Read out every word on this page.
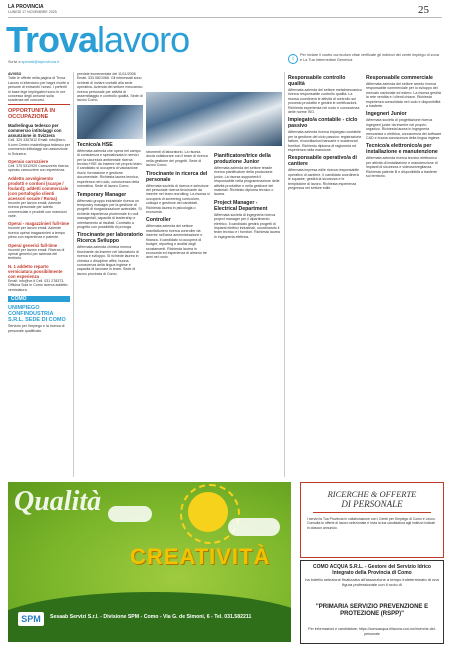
LA PROVINCIA
LUNEDÌ 17 NOVEMBRE 2025	25
Trovalavoro
Scrivi a speciali@laprovincia.it	i
Per inviare il vostro curriculum vitae verificate gli indirizzi dei centri impiego di zona e La Tua Intermediari Generica
AVVISO

Tutte le offerte nella pagina di Trova Lavoro si intendono per bagni rivolte a persone di entrambi i sessi. I preferiti in base lege impiegatevi sono le ore concesso degli annunci sulla scadenza dei concorsi.

OPPORTUNITÀ IN OCCUPAZIONE
Madrelingua tedesco per commercio intitolaggi con assunzione in Svizzera

Cell. 329 3357812 Email: info@loro-it.com Centro madrelingua tedesco per commercio intitolaggi con assunzione in Svizzera.

Operaio carrozziere

Cell. 375 5312929 Carrozzeria ricerca operaio carrozziere con esperienza.

Addetto avvolgimento prodotti e cordoni (scarpe / foulard); addetti commerciale (con portafoglio clienti acessori socale / Roma)

Incontri per lavoro email. Aziende ricerca personale per adetto commerciale e prodotti con mansioni varie.

Operai - magazzinieri full-time

Incontri per lavoro email. Aziende ricerca operai magazzinieri a tempo pieno con esperienza e patente.

Operai generici full-time

Incontri per lavoro email. Ricerca di operai generici per azienda del territorio.

N. 1 addetto reparto verniciatura possibilmente con esperienza

Email: info@ve.it Cell. 031 278373. Officina Sola in Como ricerca addetto verniciatura.

COMO
UNIMPIEGO CONFINDUSTRIA S.R.L. SEDE DI COMO

Servizio per l'impiego e la ricerca di personale qualificato.

previste incrementate del 11/11/2008 Email: 333 0821066. Gli interessati sono richiesti di inviare contatti alla sede operativa. Azienda del settore meccanico ricerca personale per attività di assemblaggio e controllo qualità. Sede di lavoro Como.

Tecnico/a HSE

Affermata azienda che opera nel campo di consulenza e specializzata in servizi per la sicurezza ambientale ricerca tecnico HSE da inserire nel proprio team. Il candidato si occuperà di valutazione rischi, formazione e gestione documentale. Richiesta laurea tecnica, esperienza nel ruolo, conoscenza della normativa. Sede di lavoro Como.

Temporary Manager

Affermato gruppo industriale ricerca un temporary manager per la gestione di progetti di riorganizzazione aziendale. Si richiede esperienza pluriennale in ruoli manageriali, capacità di leadership e orientamento ai risultati. Contratto a progetto con possibilità di proroga.

Tirocinante per laboratorio Ricerca Sviluppo

Affermata azienda chimica ricerca tirocinante da inserire nel laboratorio di ricerca e sviluppo. Si richiede laurea in chimica o discipline affini, buona conoscenza della lingua inglese e capacità di lavorare in team. Sede di lavoro provincia di Como.

strumenti di laboratorio. La risorsa dovrà collaborare con il team di ricerca nella gestione dei progetti. Sede di lavoro Como.

Tirocinante in ricerca del personale

Affermata società di ricerca e selezione del personale ricerca tirocinante da inserire nel team recruiting. La risorsa si occuperà di screening curriculum, colloqui e gestione dei candidati. Richiesta laurea in psicologia o economia.

Controller

Affermata azienda del settore manifatturiero ricerca controller da inserire nell'area amministrazione e finanza. Il candidato si occuperà di budget, reporting e analisi degli scostamenti. Richiesta laurea in economia ed esperienza di almeno tre anni nel ruolo.

Pianificatore/trice della produzione Junior

Affermata azienda del settore tessile ricerca pianificatore della produzione junior. La risorsa supporterà il responsabile nella programmazione delle attività produttive e nella gestione dei materiali. Richiesto diploma tecnico o laurea.

Project Manager - Electrical Department

Affermata società di ingegneria ricerca project manager per il dipartimento elettrico. Il candidato gestirà progetti di impianti elettrici industriali, coordinando il team tecnico e i fornitori. Richiesta laurea in ingegneria elettrica.

Responsabile controllo qualità

Affermata azienda del settore metalmeccanico ricerca responsabile controllo qualità. La risorsa coordinerà le attività di controllo sui processi produttivi e gestirà le certificazioni. Richiesta esperienza nel ruolo e conoscenza delle norme ISO.

Impiegato/a contabile - ciclo passivo

Affermata azienda ricerca impiegato contabile per la gestione del ciclo passivo: registrazione fatture, riconciliazioni bancarie e scadenzari fornitori. Richiesto diploma di ragioneria ed esperienza nella mansione.

Responsabile operativo/a di cantiere

Affermata impresa edile ricerca responsabile operativo di cantiere. Il candidato coordinerà le squadre, gestirà la sicurezza e le tempistiche di lavoro. Richiesta esperienza pregressa nel settore edile.

Responsabile commerciale

Affermata azienda del settore arredo ricerca responsabile commerciale per lo sviluppo del mercato nazionale ed estero. La risorsa gestirà la rete vendita e i clienti chiave. Richiesta esperienza consolidata nel ruolo e disponibilità a trasferte.

Ingegneri Junior

Affermata società di progettazione ricerca ingegneri junior da inserire nel proprio organico. Richiesta laurea in ingegneria meccanica o elettrica, conoscenza dei software CAD e buona conoscenza della lingua inglese.

Tecnico/a elettronico/a per installazione e manutenzione

Affermata azienda ricerca tecnico elettronico per attività di installazione e manutenzione di impianti di sicurezza e videosorveglianza. Richiesta patente B e disponibilità a trasferte sul territorio.

Qualità
CREATIVITÀ
SPM	Sesaab Servizi S.r.l. - Divisione SPM - Como - Via G. de Simoni, 6 - Tel. 031.582211
RICERCHE & OFFERTE
DI PERSONALE
I servizi la Tua Provincia in collaborazione con i Centri per l'Impiego di Como e Lecco. Consulta le offerte di lavoro selezionate e invia la tua candidatura agli indirizzi indicati in ciascun annuncio.
COMO ACQUA S.R.L. - Gestore del Servizio Idrico Integrato della Provincia di Como
ha indetto selezione finalizzata all'assunzione a tempo indeterminato di una figura professionale con il ruolo di
"PRIMARIA SERVIZIO PREVENZIONE E PROTEZIONE (RSPP)"
Per informazioni e candidature: https://comoacqua.it/lavora-con-noi/ricerche-del-personale
